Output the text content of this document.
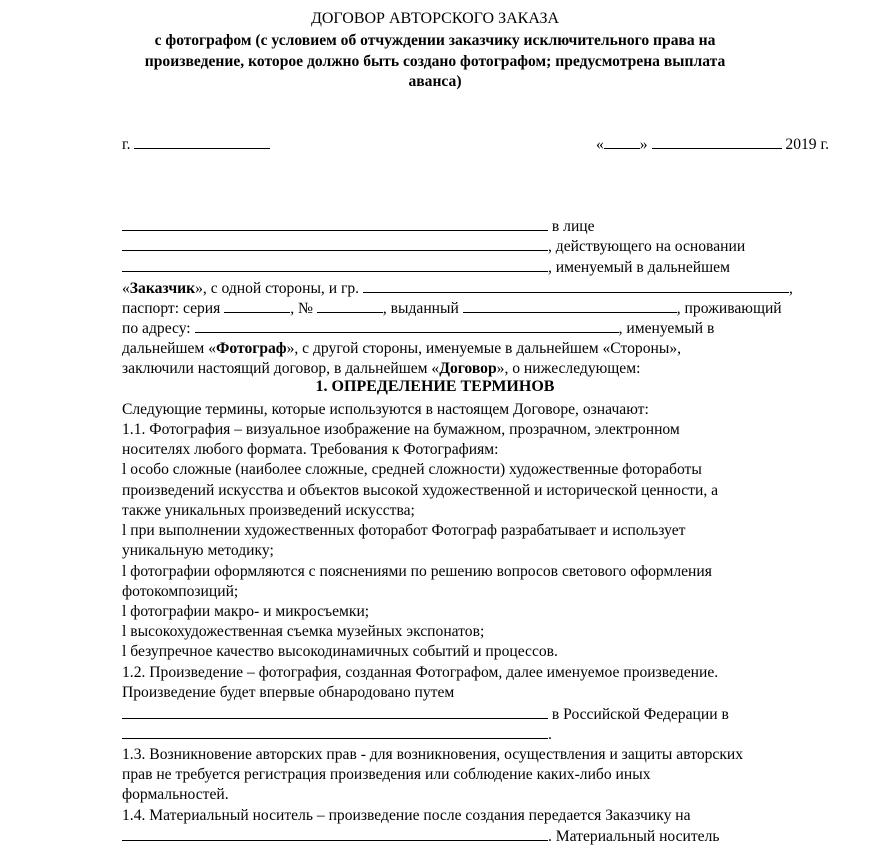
ДОГОВОР АВТОРСКОГО ЗАКАЗА
с фотографом (с условием об отчуждении заказчику исключительного права на
произведение, которое должно быть создано фотографом; предусмотрена выплата
аванса)
г.	« »	2019 г.
в лице
, действующего на основании
, именуемый в дальнейшем
«Заказчик», с одной стороны, и гр.	,
паспорт: серия	, №	, выданный	, проживающий
по адресу:	, именуемый в
дальнейшем «Фотограф», с другой стороны, именуемые в дальнейшем «Стороны»,
заключили настоящий договор, в дальнейшем «Договор», о нижеследующем:
1. ОПРЕДЕЛЕНИЕ ТЕРМИНОВ
Следующие термины, которые используются в настоящем Договоре, означают:
1.1. Фотография – визуальное изображение на бумажном, прозрачном, электронном
носителях любого формата. Требования к Фотографиям:
l особо сложные (наиболее сложные, средней сложности) художественные фотоработы
произведений искусства и объектов высокой художественной и исторической ценности, а
также уникальных произведений искусства;
l при выполнении художественных фоторабот Фотограф разрабатывает и использует
уникальную методику;
l фотографии оформляются с пояснениями по решению вопросов светового оформления
фотокомпозиций;
l фотографии макро- и микросъемки;
l высокохудожественная съемка музейных экспонатов;
l безупречное качество высокодинамичных событий и процессов.
1.2. Произведение – фотография, созданная Фотографом, далее именуемое произведение.
Произведение будет впервые обнародовано путем
в Российской Федерации в
.
1.3. Возникновение авторских прав - для возникновения, осуществления и защиты авторских
прав не требуется регистрация произведения или соблюдение каких-либо иных
формальностей.
1.4. Материальный носитель – произведение после создания передается Заказчику на
. Материальный носитель
